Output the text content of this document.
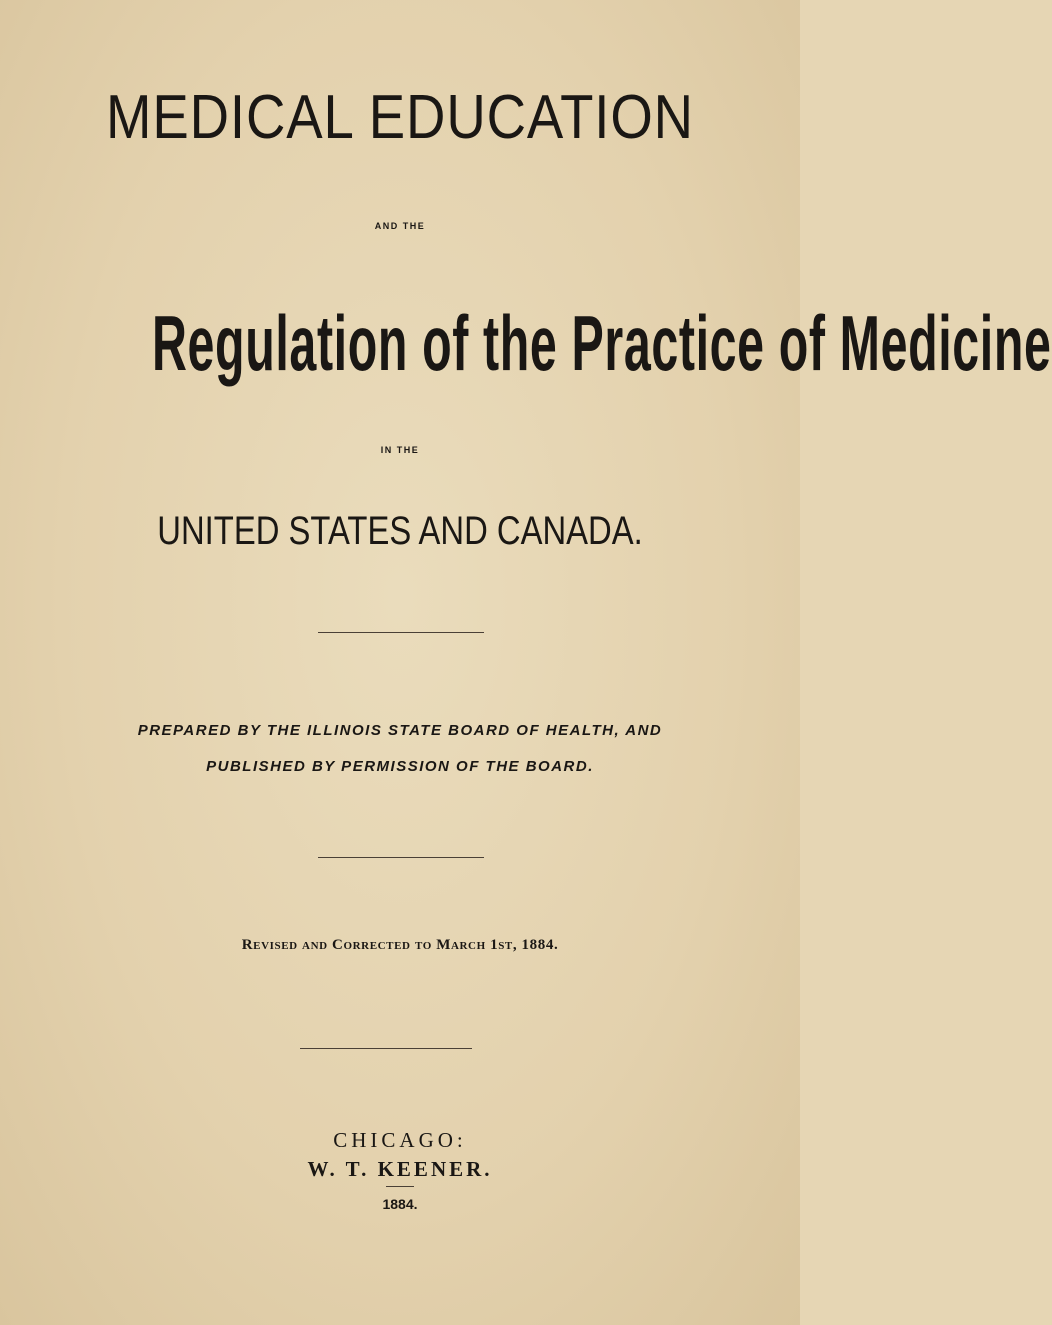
MEDICAL EDUCATION
AND THE
Regulation of the Practice of Medicine
IN THE
UNITED STATES AND CANADA.
PREPARED BY THE ILLINOIS STATE BOARD OF HEALTH, AND
PUBLISHED BY PERMISSION OF THE BOARD.
Revised and Corrected to March 1st, 1884.
CHICAGO:
W. T. KEENER.
1884.
